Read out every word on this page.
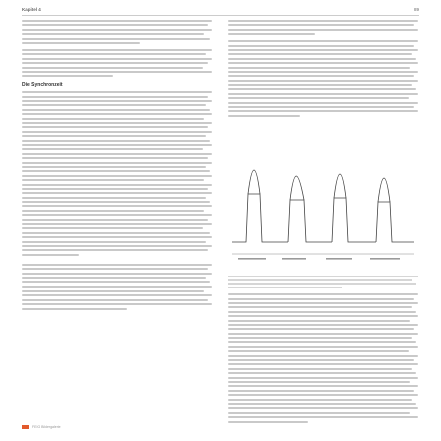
Kapitel 4	89
Die Synchronzeit
FEIG Bildergalerie
